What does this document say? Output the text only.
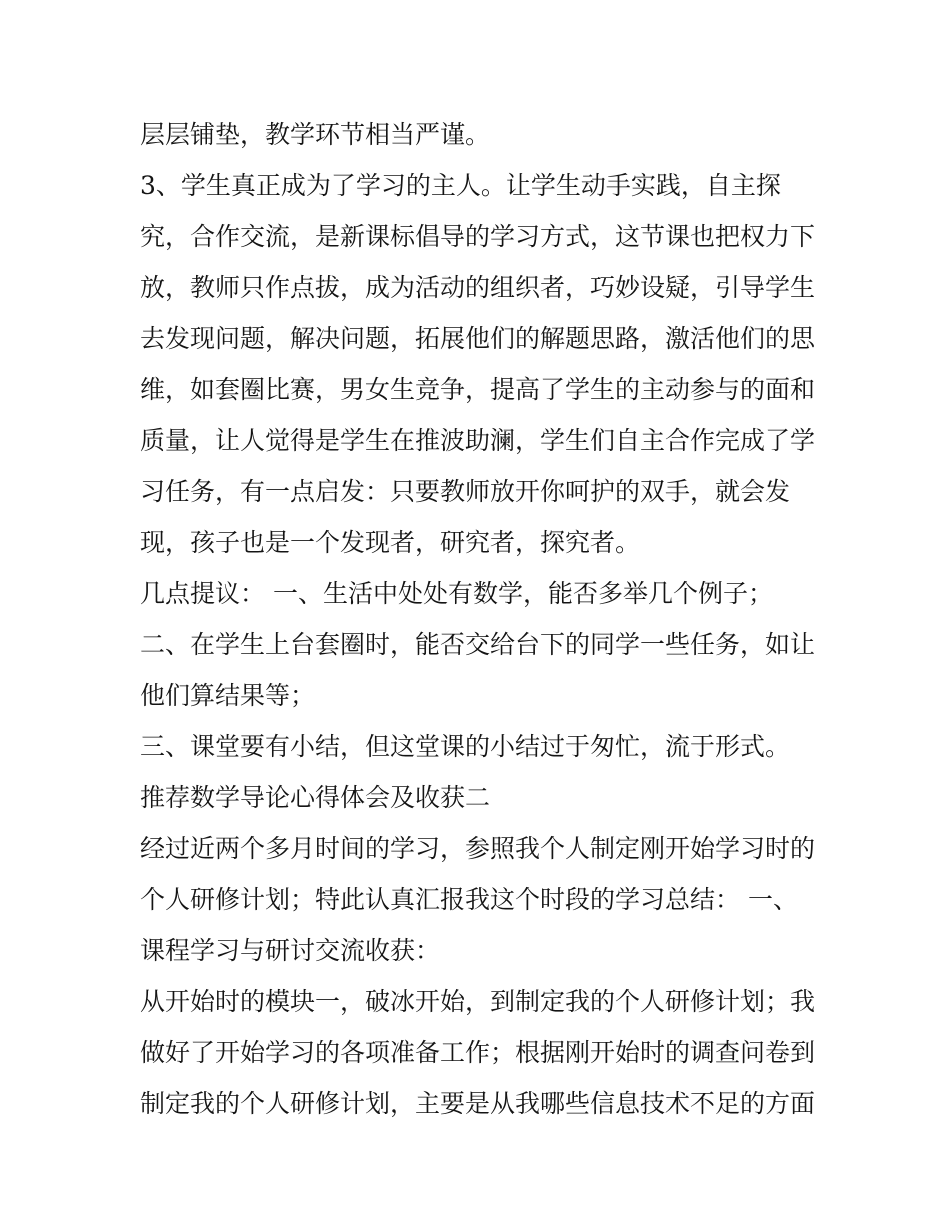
层层铺垫，教学环节相当严谨。
3、学生真正成为了学习的主人。让学生动手实践，自主探
究，合作交流，是新课标倡导的学习方式，这节课也把权力下
放，教师只作点拔，成为活动的组织者，巧妙设疑，引导学生
去发现问题，解决问题，拓展他们的解题思路，激活他们的思
维，如套圈比赛，男女生竞争，提高了学生的主动参与的面和
质量，让人觉得是学生在推波助澜，学生们自主合作完成了学
习任务，有一点启发：只要教师放开你呵护的双手，就会发
现，孩子也是一个发现者，研究者，探究者。
几点提议： 一、生活中处处有数学，能否多举几个例子；
二、在学生上台套圈时，能否交给台下的同学一些任务，如让
他们算结果等；
三、课堂要有小结，但这堂课的小结过于匆忙，流于形式。
推荐数学导论心得体会及收获二
经过近两个多月时间的学习，参照我个人制定刚开始学习时的
个人研修计划；特此认真汇报我这个时段的学习总结： 一、
课程学习与研讨交流收获：
从开始时的模块一，破冰开始，到制定我的个人研修计划；我
做好了开始学习的各项准备工作；根据刚开始时的调查问卷到
制定我的个人研修计划，主要是从我哪些信息技术不足的方面
